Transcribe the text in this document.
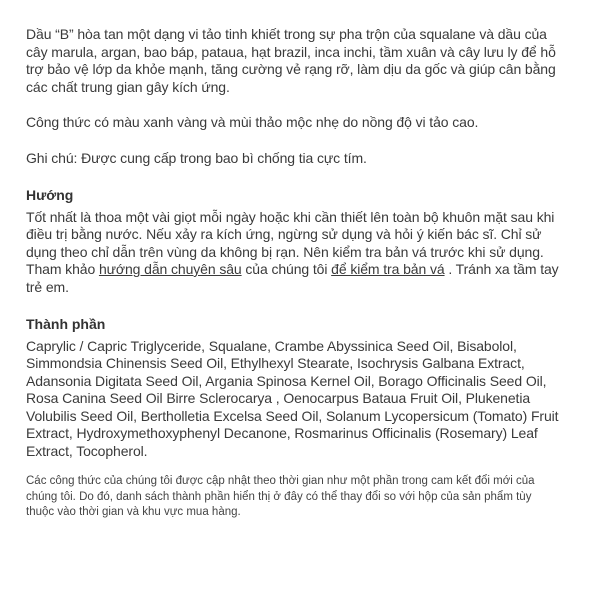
Dầu “B” hòa tan một dạng vi tảo tinh khiết trong sự pha trộn của squalane và dầu của cây marula, argan, bao báp, pataua, hạt brazil, inca inchi, tầm xuân và cây lưu ly để hỗ trợ bảo vệ lớp da khỏe mạnh, tăng cường vẻ rạng rỡ, làm dịu da gốc và giúp cân bằng các chất trung gian gây kích ứng.

Công thức có màu xanh vàng và mùi thảo mộc nhẹ do nồng độ vi tảo cao.

Ghi chú: Được cung cấp trong bao bì chống tia cực tím.

Hướng

Tốt nhất là thoa một vài giọt mỗi ngày hoặc khi cần thiết lên toàn bộ khuôn mặt sau khi điều trị bằng nước. Nếu xảy ra kích ứng, ngừng sử dụng và hỏi ý kiến bác sĩ. Chỉ sử dụng theo chỉ dẫn trên vùng da không bị rạn. Nên kiểm tra bản vá trước khi sử dụng. Tham khảo hướng dẫn chuyên sâu của chúng tôi để kiểm tra bản vá . Tránh xa tầm tay trẻ em.

Thành phần

Caprylic / Capric Triglyceride, Squalane, Crambe Abyssinica Seed Oil, Bisabolol, Simmondsia Chinensis Seed Oil, Ethylhexyl Stearate, Isochrysis Galbana Extract, Adansonia Digitata Seed Oil, Argania Spinosa Kernel Oil, Borago Officinalis Seed Oil, Rosa Canina Seed Oil Birre Sclerocarya , Oenocarpus Bataua Fruit Oil, Plukenetia Volubilis Seed Oil, Bertholletia Excelsa Seed Oil, Solanum Lycopersicum (Tomato) Fruit Extract, Hydroxymethoxyphenyl Decanone, Rosmarinus Officinalis (Rosemary) Leaf Extract, Tocopherol.

Các công thức của chúng tôi được cập nhật theo thời gian như một phần trong cam kết đổi mới của chúng tôi. Do đó, danh sách thành phần hiển thị ở đây có thể thay đổi so với hộp của sản phẩm tùy thuộc vào thời gian và khu vực mua hàng.
